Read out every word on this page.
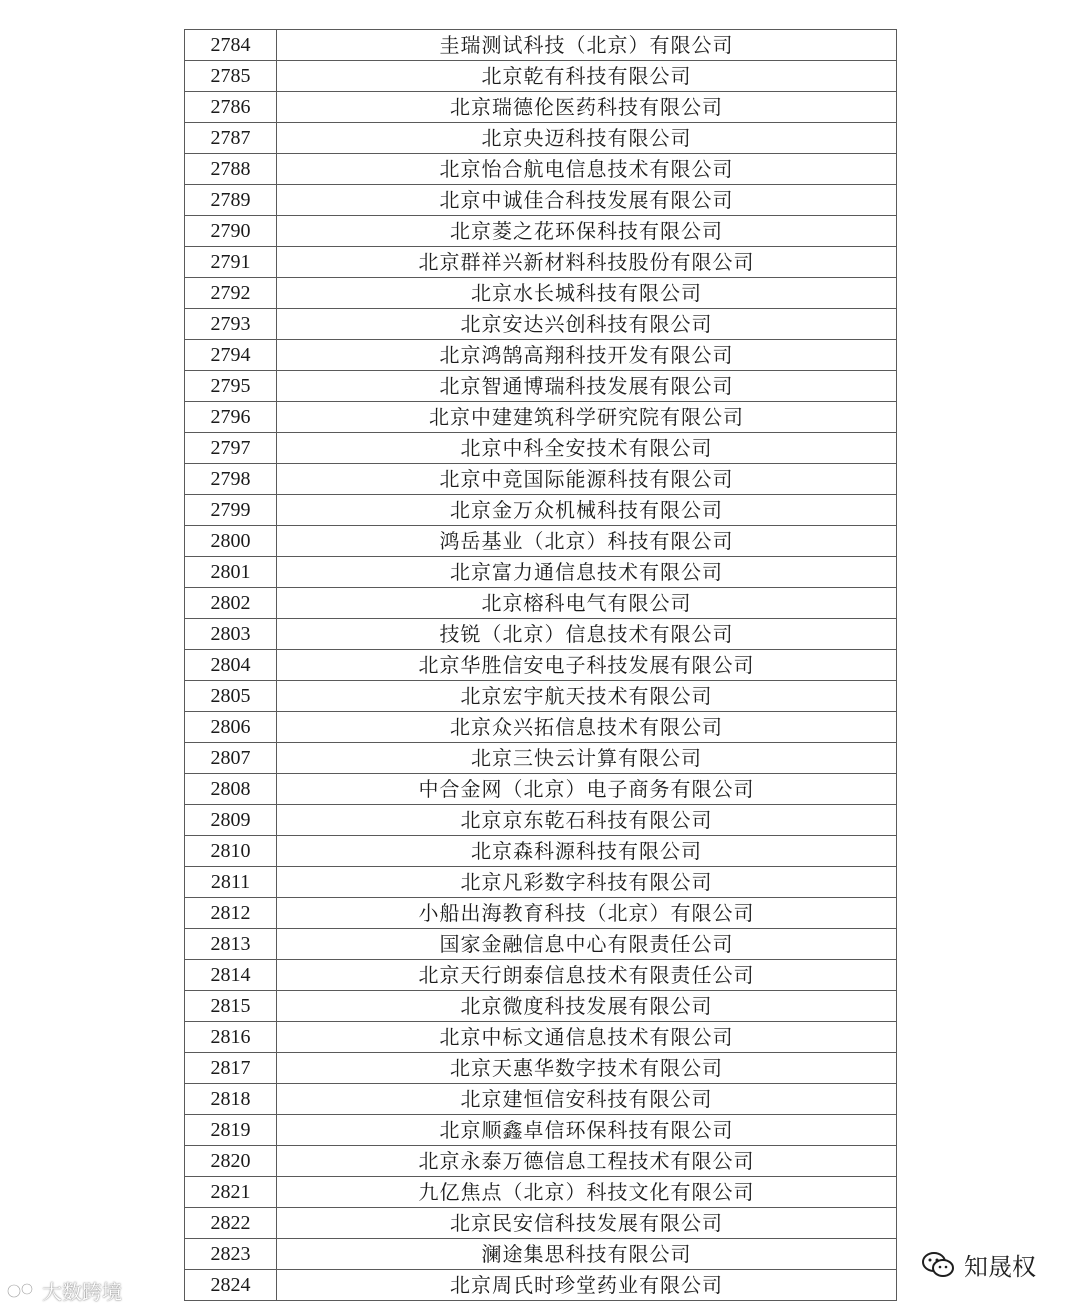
2784	圭瑞测试科技（北京）有限公司
2785	北京乾有科技有限公司
2786	北京瑞德伦医药科技有限公司
2787	北京央迈科技有限公司
2788	北京怡合航电信息技术有限公司
2789	北京中诚佳合科技发展有限公司
2790	北京菱之花环保科技有限公司
2791	北京群祥兴新材料科技股份有限公司
2792	北京水长城科技有限公司
2793	北京安达兴创科技有限公司
2794	北京鸿鹄高翔科技开发有限公司
2795	北京智通博瑞科技发展有限公司
2796	北京中建建筑科学研究院有限公司
2797	北京中科全安技术有限公司
2798	北京中竞国际能源科技有限公司
2799	北京金万众机械科技有限公司
2800	鸿岳基业（北京）科技有限公司
2801	北京富力通信息技术有限公司
2802	北京榕科电气有限公司
2803	技锐（北京）信息技术有限公司
2804	北京华胜信安电子科技发展有限公司
2805	北京宏宇航天技术有限公司
2806	北京众兴拓信息技术有限公司
2807	北京三快云计算有限公司
2808	中合金网（北京）电子商务有限公司
2809	北京京东乾石科技有限公司
2810	北京森科源科技有限公司
2811	北京凡彩数字科技有限公司
2812	小船出海教育科技（北京）有限公司
2813	国家金融信息中心有限责任公司
2814	北京天行朗泰信息技术有限责任公司
2815	北京微度科技发展有限公司
2816	北京中标文通信息技术有限公司
2817	北京天惠华数字技术有限公司
2818	北京建恒信安科技有限公司
2819	北京顺鑫卓信环保科技有限公司
2820	北京永泰万德信息工程技术有限公司
2821	九亿焦点（北京）科技文化有限公司
2822	北京民安信科技发展有限公司
2823	澜途集思科技有限公司
2824	北京周氏时珍堂药业有限公司
大数跨境
知晟权
